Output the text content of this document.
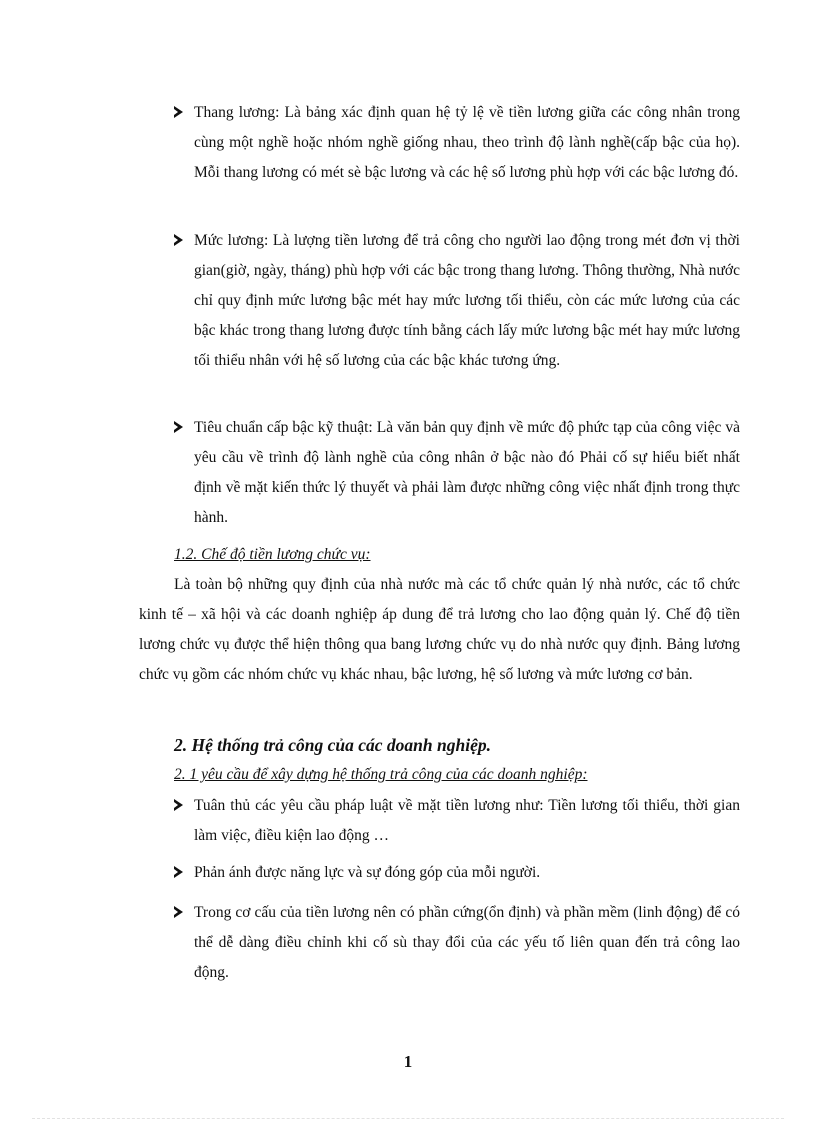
Thang lương: Là bảng xác định quan hệ tỷ lệ về tiền lương giữa các công nhân trong cùng một nghề hoặc nhóm nghề giống nhau, theo trình độ lành nghề(cấp bậc của họ). Mỗi thang lương có mét sè bậc lương và các hệ số lương phù hợp với các bậc lương đó.
Mức lương: Là lượng tiền lương để trả công cho người lao động trong mét đơn vị thời gian(giờ, ngày, tháng) phù hợp với các bậc trong thang lương. Thông thường, Nhà nước chỉ quy định mức lương bậc mét hay mức lương tối thiểu, còn các mức lương của các bậc khác trong thang lương được tính bằng cách lấy mức lương bậc mét hay mức lương tối thiểu nhân với hệ số lương của các bậc khác tương ứng.
Tiêu chuẩn cấp bậc kỹ thuật: Là văn bản quy định về mức độ phức tạp của công việc và yêu cầu về trình độ lành nghề của công nhân ở bậc nào đó Phải cố sự hiểu biết nhất định về mặt kiến thức lý thuyết và phải làm được những công việc nhất định trong thực hành.
1.2. Chế độ tiền lương chức vụ:
Là toàn bộ những quy định của nhà nước mà các tổ chức quản lý nhà nước, các tổ chức kinh tế – xã hội và các doanh nghiệp áp dung để trả lương cho lao động quản lý. Chế độ tiền lương chức vụ được thể hiện thông qua bang lương chức vụ do nhà nước quy định. Bảng lương chức vụ gồm các nhóm chức vụ khác nhau, bậc lương, hệ số lương và mức lương cơ bản.
2. Hệ thống trả công của các doanh nghiệp.
2. 1 yêu cầu để xây dựng hệ thống trả công của các doanh nghiệp:
Tuân thủ các yêu cầu pháp luật về mặt tiền lương như: Tiền lương tối thiểu, thời gian làm việc, điều kiện lao động …
Phản ánh được năng lực và sự đóng góp của mỗi người.
Trong cơ cấu của tiền lương nên có phần cứng(ổn định) và phần mềm (linh động) để có thể dễ dàng điều chỉnh khi cố sù thay đổi của các yếu tố liên quan đến trả công lao động.
1
